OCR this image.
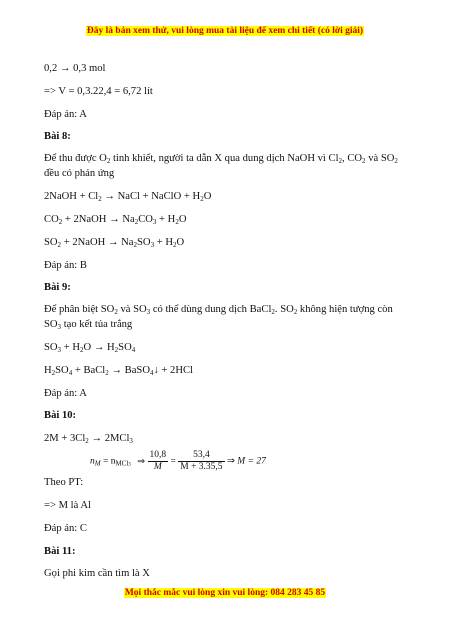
Đây là bản xem thử, vui lòng mua tài liệu để xem chi tiết (có lời giải)
0,2 → 0,3 mol
=> V = 0,3.22,4 = 6,72 lít
Đáp án: A
Bài 8:
Để thu được $O_2$ tinh khiết, người ta dẫn X qua dung dịch NaOH vì $Cl_2$, $CO_2$ và $SO_2$
đều có phản ứng
2NaOH + $Cl_2$ → NaCl + NaClO + $H_2O$
$CO_2$ + 2NaOH → $Na_2CO_3 + H_2O$
$SO_2$ + 2NaOH → $Na_2SO_3 + H_2O$
Đáp án: B
Bài 9:
Để phân biệt $SO_2$ và $SO_3$ có thể dùng dung dịch BaCl$_2$. $SO_2$ không hiện tượng còn
$SO_3$ tạo kết tủa trắng
$SO_3 + H_2O \to H_2SO_4$
$H_2SO_4$ + BaCl$_2$ → BaSO$_4$↓ + 2HCl
Đáp án: A
Bài 10:
$2M + 3Cl_2 \to 2MCl_3$
Theo PT:
$n_M = n_{MCl3}$ ⇒ $\frac{10,8}{M} = \frac{53,4}{M + 3.35,5}$ ⇒ M = 27
=> M là Al
Đáp án: C
Bài 11:
Mọi thắc mắc vui lòng xin vui lòng: 084 283 45 85
Gọi phi kim cần tìm là X
